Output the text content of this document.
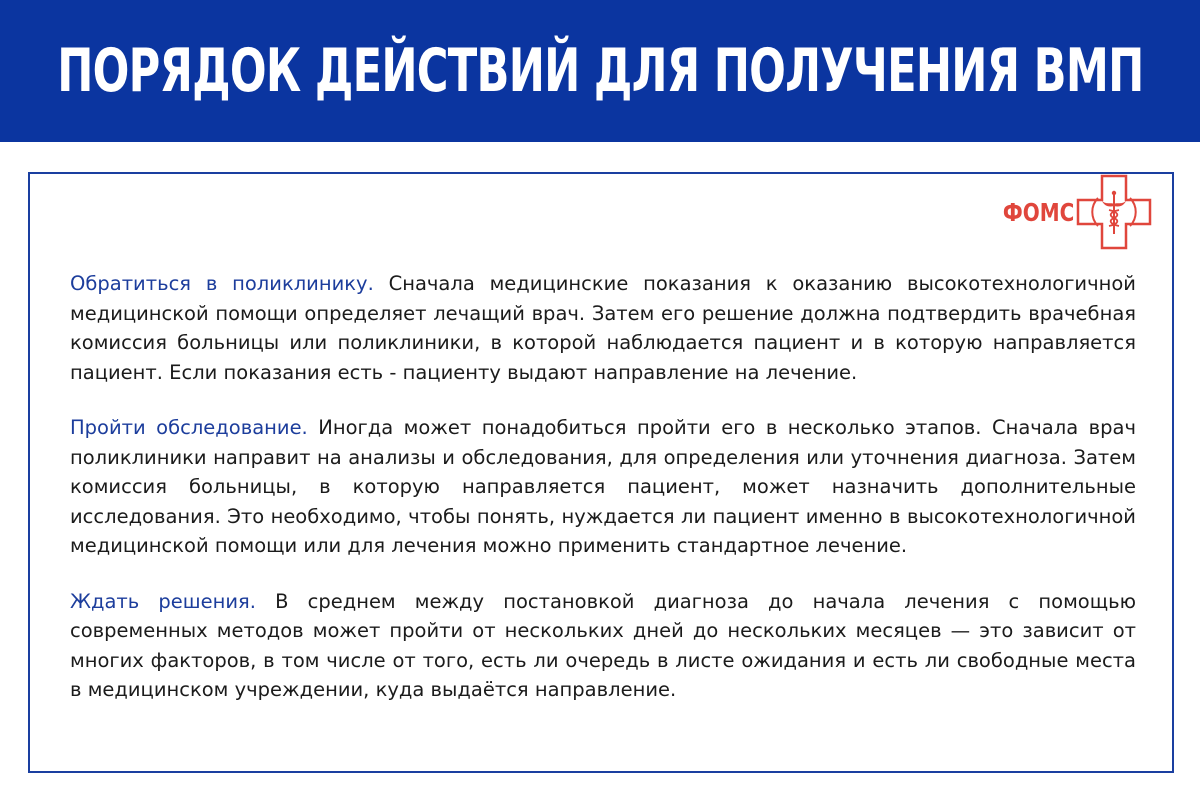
ПОРЯДОК ДЕЙСТВИЙ ДЛЯ ПОЛУЧЕНИЯ ВМП
ФОМС

Обратиться в поликлинику. Сначала медицинские показания к оказанию высокотехнологичной медицинской помощи определяет лечащий врач. Затем его решение должна подтвердить врачебная комиссия больницы или поликлиники, в которой наблюдается пациент и в которую направляется пациент. Если показания есть - пациенту выдают направление на лечение.

Пройти обследование. Иногда может понадобиться пройти его в несколько этапов. Сначала врач поликлиники направит на анализы и обследования, для определения или уточнения диагноза. Затем комиссия больницы, в которую направляется пациент, может назначить дополнительные исследования. Это необходимо, чтобы понять, нуждается ли пациент именно в высокотехнологичной медицинской помощи или для лечения можно применить стандартное лечение.

Ждать решения. В среднем между постановкой диагноза до начала лечения с помощью современных методов может пройти от нескольких дней до нескольких месяцев — это зависит от многих факторов, в том числе от того, есть ли очередь в листе ожидания и есть ли свободные места в медицинском учреждении, куда выдаётся направление.
